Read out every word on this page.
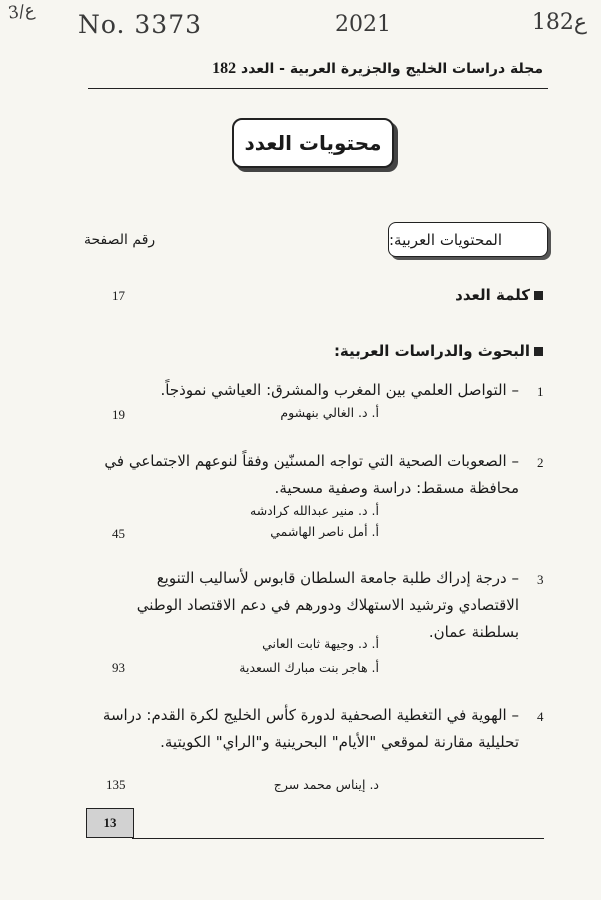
ع/3 No. 3373	2021	182ع
مجلة دراسات الخليج والجزيرة العربية - العدد 182
محتويات العدد
المحتويات العربية:
رقم الصفحة
كلمة العدد
17
البحوث والدراسات العربية:
1
– التواصل العلمي بين المغرب والمشرق: العياشي نموذجاً.
أ. د. الغالي بنهشوم
19
2
– الصعوبات الصحية التي تواجه المسنّين وفقاً لنوعهم الاجتماعي في محافظة مسقط: دراسة وصفية مسحية.
أ. د. منير عبدالله كرادشه
أ. أمل ناصر الهاشمي
45
3
– درجة إدراك طلبة جامعة السلطان قابوس لأساليب التنويع الاقتصادي وترشيد الاستهلاك ودورهم في دعم الاقتصاد الوطني بسلطنة عمان.
أ. د. وجيهة ثابت العاني
أ. هاجر بنت مبارك السعدية
93
4
– الهوية في التغطية الصحفية لدورة كأس الخليج لكرة القدم: دراسة تحليلية مقارنة لموقعي "الأيام" البحرينية و"الراي" الكويتية.
د. إيناس محمد سرج
135
13
